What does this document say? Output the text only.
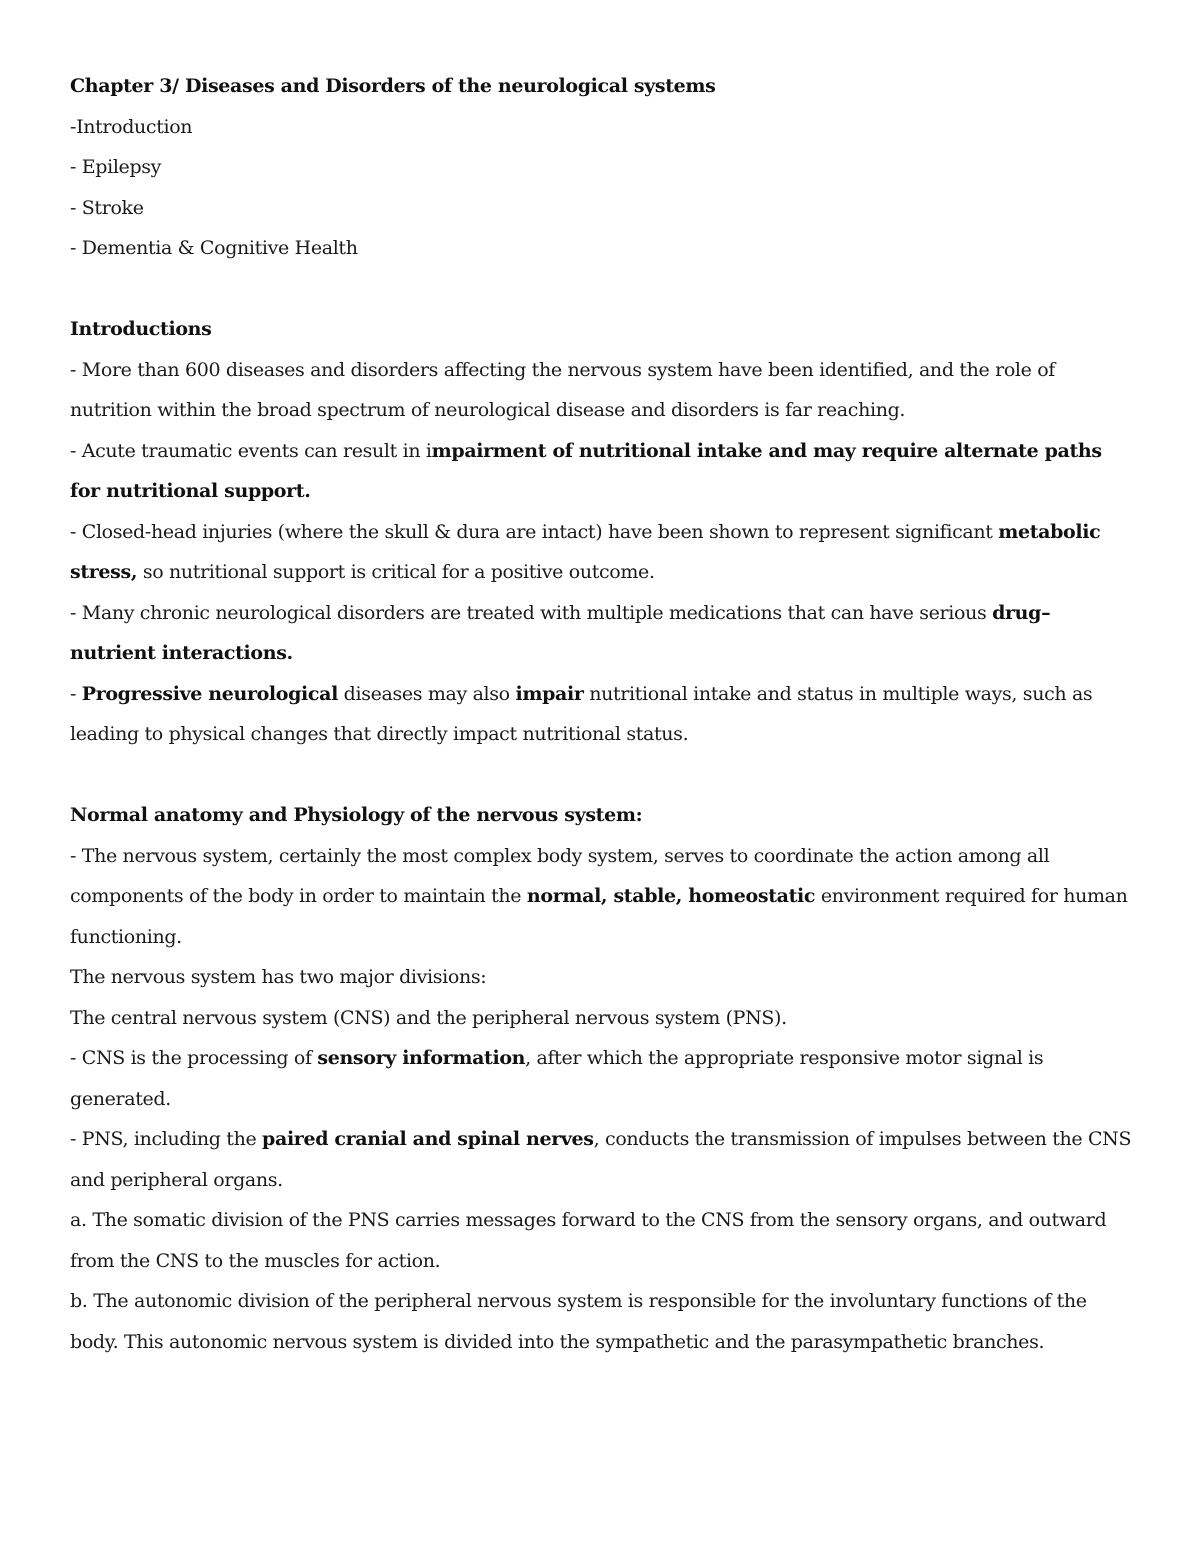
Chapter 3/ Diseases and Disorders of the neurological systems
-Introduction
- Epilepsy
- Stroke
- Dementia & Cognitive Health
Introductions
- More than 600 diseases and disorders affecting the nervous system have been identified, and the role of nutrition within the broad spectrum of neurological disease and disorders is far reaching.
- Acute traumatic events can result in impairment of nutritional intake and may require alternate paths for nutritional support.
- Closed-head injuries (where the skull & dura are intact) have been shown to represent significant metabolic stress, so nutritional support is critical for a positive outcome.
- Many chronic neurological disorders are treated with multiple medications that can have serious drug–nutrient interactions.
- Progressive neurological diseases may also impair nutritional intake and status in multiple ways, such as leading to physical changes that directly impact nutritional status.
Normal anatomy and Physiology of the nervous system:
- The nervous system, certainly the most complex body system, serves to coordinate the action among all components of the body in order to maintain the normal, stable, homeostatic environment required for human functioning.
The nervous system has two major divisions:
The central nervous system (CNS) and the peripheral nervous system (PNS).
- CNS is the processing of sensory information, after which the appropriate responsive motor signal is generated.
- PNS, including the paired cranial and spinal nerves, conducts the transmission of impulses between the CNS and peripheral organs.
a. The somatic division of the PNS carries messages forward to the CNS from the sensory organs, and outward from the CNS to the muscles for action.
b. The autonomic division of the peripheral nervous system is responsible for the involuntary functions of the body. This autonomic nervous system is divided into the sympathetic and the parasympathetic branches.
